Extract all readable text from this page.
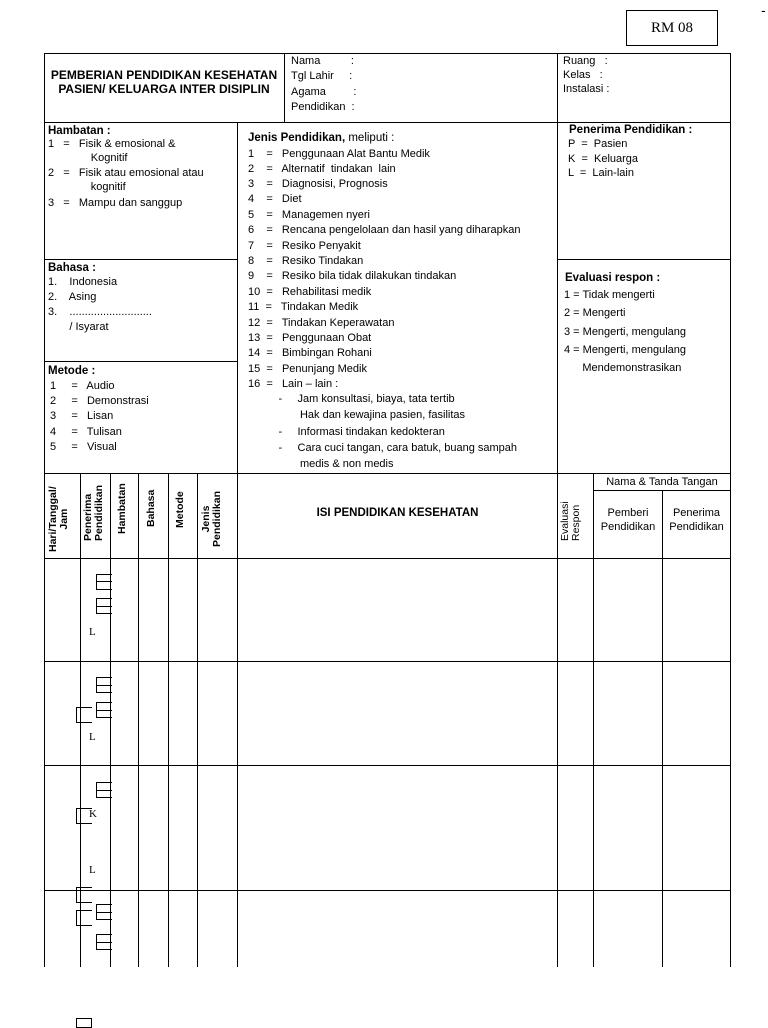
RM 08
-
PEMBERIAN PENDIDIKAN KESEHATAN
PASIEN/ KELUARGA INTER DISIPLIN
Nama          :
Tgl Lahir     :
Agama         :
Pendidikan  :
Ruang   :
Kelas   :
Instalasi :
Hambatan :
1   =   Fisik & emosional &
Kognitif
2   =   Fisik atau emosional atau
kognitif
3   =   Mampu dan sanggup
Bahasa :
1.    Indonesia
2.    Asing
3.    ...........................
/ Isyarat
Metode :
1     =   Audio
2     =   Demonstrasi
3     =   Lisan
4     =   Tulisan
5     =   Visual
Jenis Pendidikan, meliputi :
1    =   Penggunaan Alat Bantu Medik
2    =   Alternatif  tindakan  lain
3    =   Diagnosisi, Prognosis
4    =   Diet
5    =   Managemen nyeri
6    =   Rencana pengelolaan dan hasil yang diharapkan
7    =   Resiko Penyakit
8    =   Resiko Tindakan
9    =   Resiko bila tidak dilakukan tindakan
10  =   Rehabilitasi medik
11  =   Tindakan Medik
12  =   Tindakan Keperawatan
13  =   Penggunaan Obat
14  =   Bimbingan Rohani
15  =   Penunjang Medik
16  =   Lain – lain :
-     Jam konsultasi, biaya, tata tertib
Hak dan kewajina pasien, fasilitas
-     Informasi tindakan kedokteran
-     Cara cuci tangan, cara batuk, buang sampah
medis & non medis
Penerima Pendidikan :
P  =  Pasien
K  =  Keluarga
L  =  Lain-lain
Evaluasi respon :
1 = Tidak mengerti
2 = Mengerti
3 = Mengerti, mengulang
4 = Mengerti, mengulang
Mendemonstrasikan
Hari/Tanggal/ Jam Penerima Pendidikan Hambatan Bahasa Metode Jenis Pendidikan	ISI PENDIDIKAN KESEHATAN	Evaluasi Respon
Nama & Tanda Tangan
Pemberi
Pendidikan
Penerima
Pendidikan
L
L
K
L
